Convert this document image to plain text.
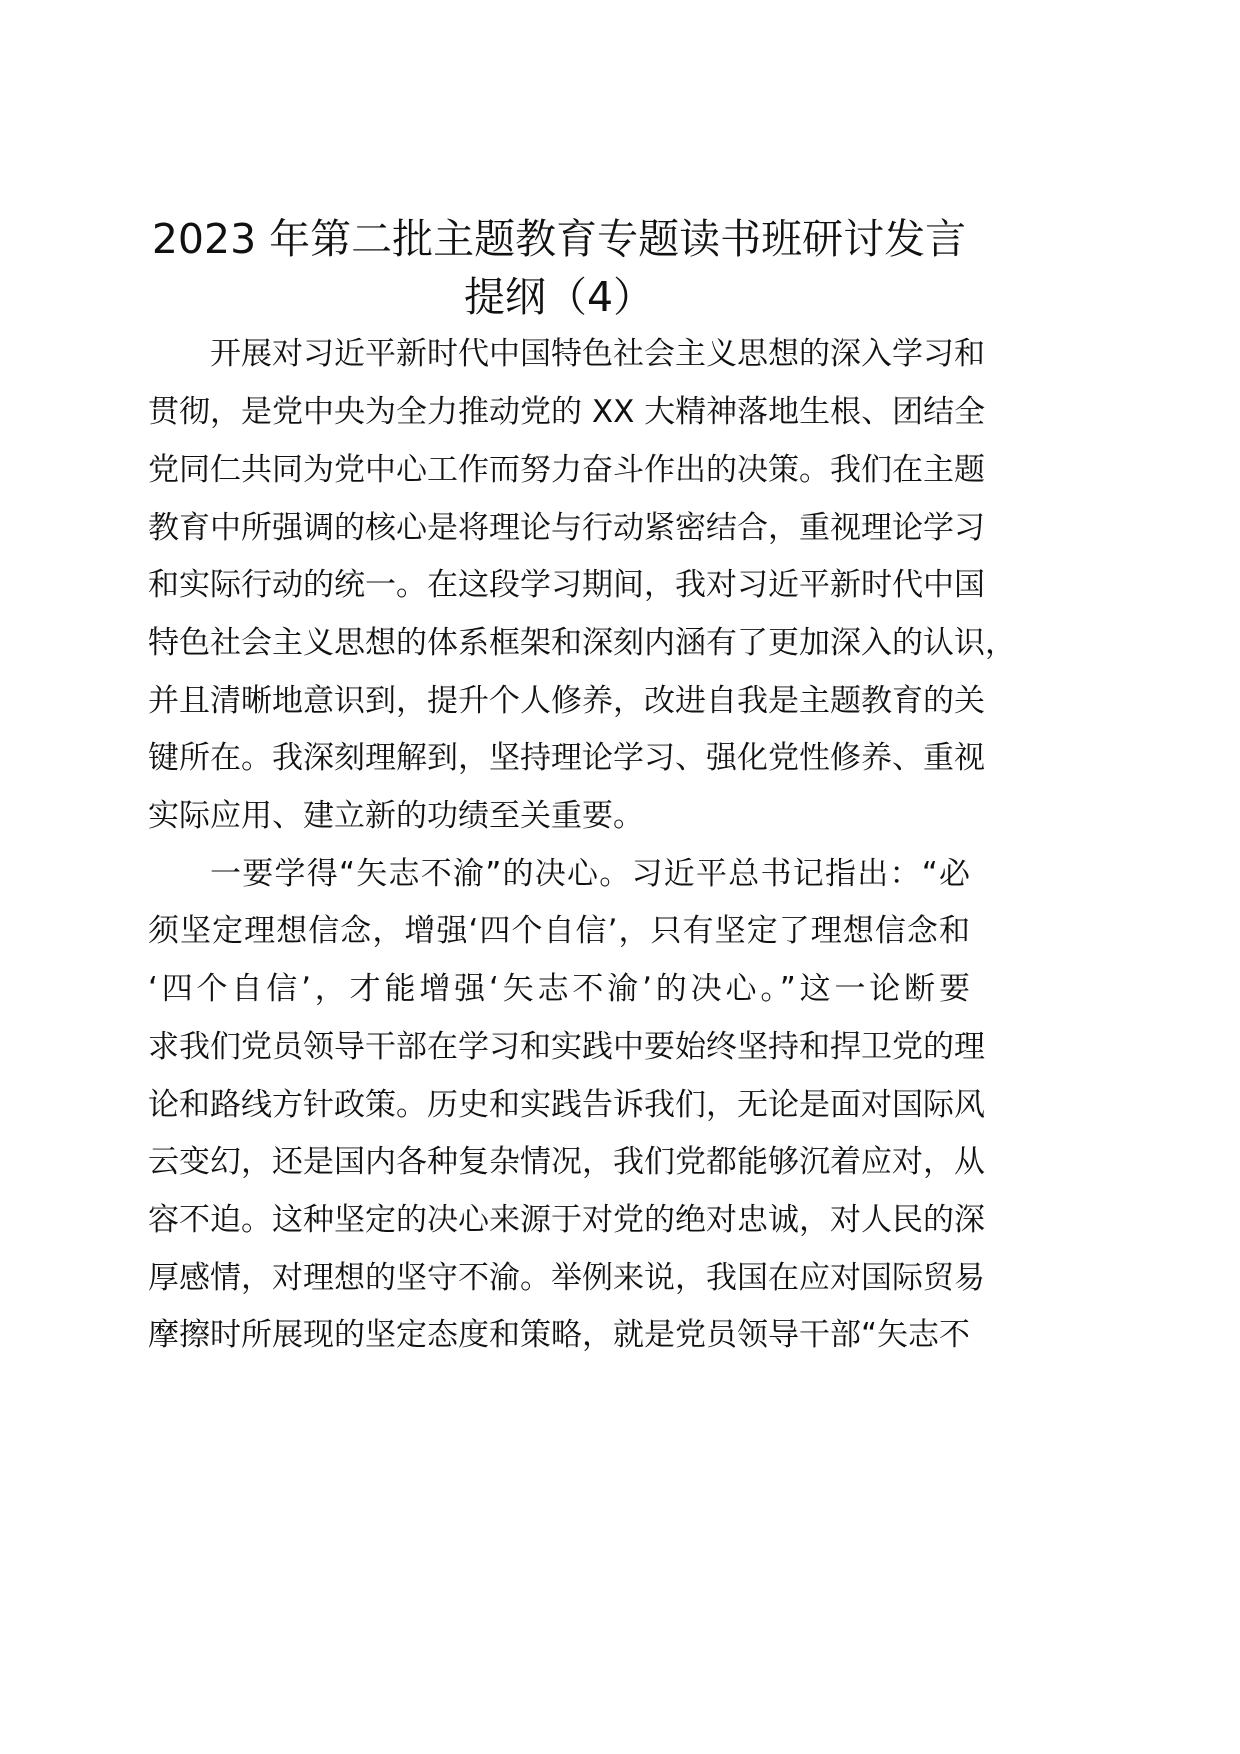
2023 年第二批主题教育专题读书班研讨发言
提纲（4）
开展对习近平新时代中国特色社会主义思想的深入学习和
贯彻，是党中央为全力推动党的 XX 大精神落地生根、团结全
党同仁共同为党中心工作而努力奋斗作出的决策。我们在主题
教育中所强调的核心是将理论与行动紧密结合，重视理论学习
和实际行动的统一。在这段学习期间，我对习近平新时代中国
特色社会主义思想的体系框架和深刻内涵有了更加深入的认识，
并且清晰地意识到，提升个人修养，改进自我是主题教育的关
键所在。我深刻理解到，坚持理论学习、强化党性修养、重视
实际应用、建立新的功绩至关重要。
一要学得“矢志不渝”的决心。习近平总书记指出：“必
须坚定理想信念，增强‘四个自信’，只有坚定了理想信念和
‘四个自信’，才能增强‘矢志不渝’的决心。”这一论断要
求我们党员领导干部在学习和实践中要始终坚持和捍卫党的理
论和路线方针政策。历史和实践告诉我们，无论是面对国际风
云变幻，还是国内各种复杂情况，我们党都能够沉着应对，从
容不迫。这种坚定的决心来源于对党的绝对忠诚，对人民的深
厚感情，对理想的坚守不渝。举例来说，我国在应对国际贸易
摩擦时所展现的坚定态度和策略，就是党员领导干部“矢志不
